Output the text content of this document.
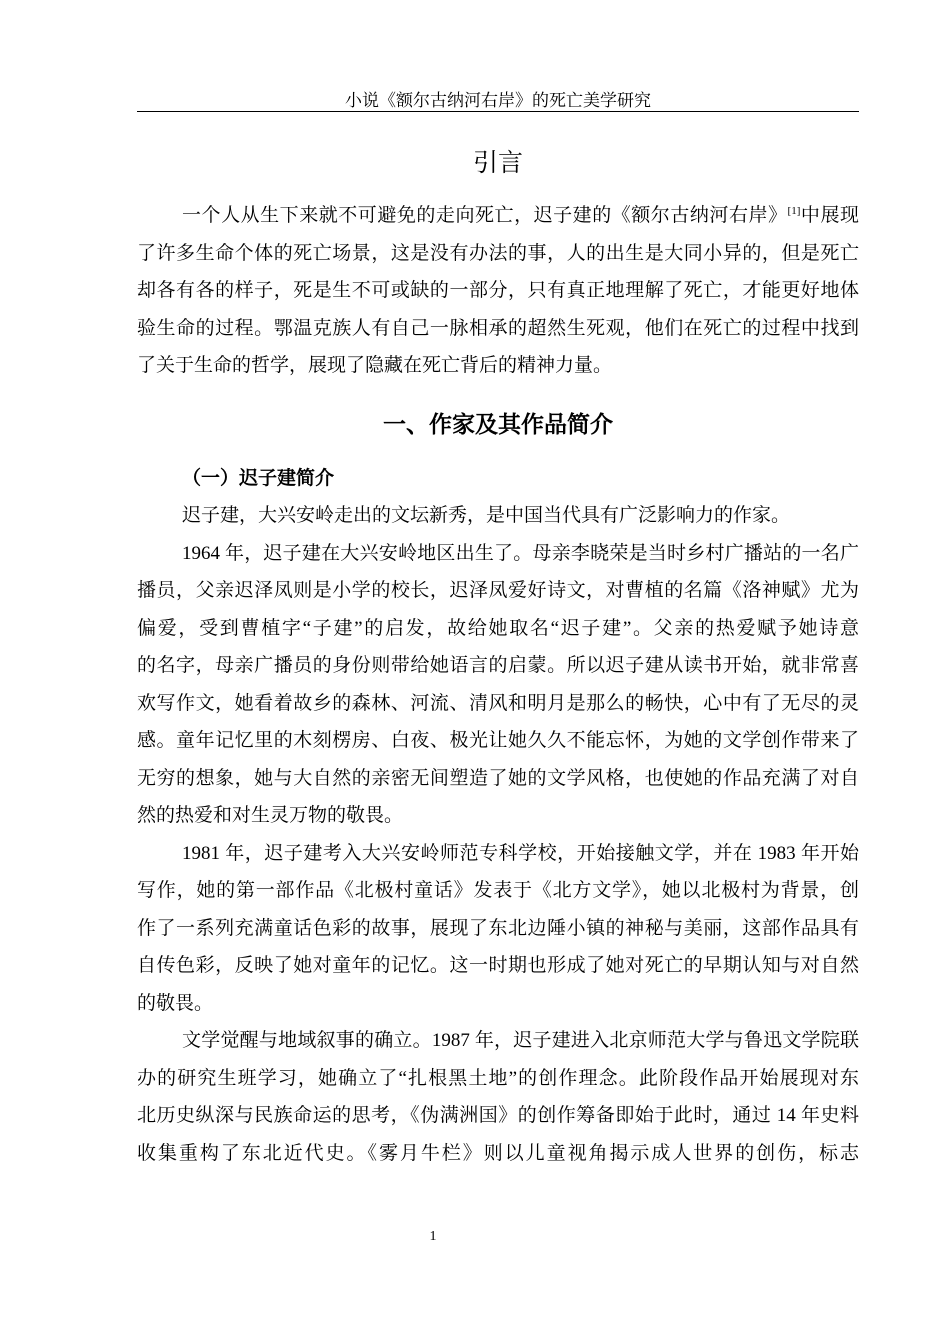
小说《额尔古纳河右岸》的死亡美学研究
引言
一个人从生下来就不可避免的走向死亡，迟子建的《额尔古纳河右岸》[1]中展现
了许多生命个体的死亡场景，这是没有办法的事，人的出生是大同小异的，但是死亡
却各有各的样子，死是生不可或缺的一部分，只有真正地理解了死亡，才能更好地体
验生命的过程。鄂温克族人有自己一脉相承的超然生死观，他们在死亡的过程中找到
了关于生命的哲学，展现了隐藏在死亡背后的精神力量。
一、作家及其作品简介
（一）迟子建简介
迟子建，大兴安岭走出的文坛新秀，是中国当代具有广泛影响力的作家。
1964 年，迟子建在大兴安岭地区出生了。母亲李晓荣是当时乡村广播站的一名广
播员，父亲迟泽凤则是小学的校长，迟泽凤爱好诗文，对曹植的名篇《洛神赋》尤为
偏爱，受到曹植字“子建”的启发，故给她取名“迟子建”。父亲的热爱赋予她诗意
的名字，母亲广播员的身份则带给她语言的启蒙。所以迟子建从读书开始，就非常喜
欢写作文，她看着故乡的森林、河流、清风和明月是那么的畅快，心中有了无尽的灵
感。童年记忆里的木刻楞房、白夜、极光让她久久不能忘怀，为她的文学创作带来了
无穷的想象，她与大自然的亲密无间塑造了她的文学风格，也使她的作品充满了对自
然的热爱和对生灵万物的敬畏。
1981 年，迟子建考入大兴安岭师范专科学校，开始接触文学，并在 1983 年开始
写作，她的第一部作品《北极村童话》发表于《北方文学》，她以北极村为背景，创
作了一系列充满童话色彩的故事，展现了东北边陲小镇的神秘与美丽，这部作品具有
自传色彩，反映了她对童年的记忆。这一时期也形成了她对死亡的早期认知与对自然
的敬畏。
文学觉醒与地域叙事的确立。1987 年，迟子建进入北京师范大学与鲁迅文学院联
办的研究生班学习，她确立了“扎根黑土地”的创作理念。此阶段作品开始展现对东
北历史纵深与民族命运的思考，《伪满洲国》的创作筹备即始于此时，通过 14 年史料
收集重构了东北近代史。《雾月牛栏》则以儿童视角揭示成人世界的创伤，标志
1
